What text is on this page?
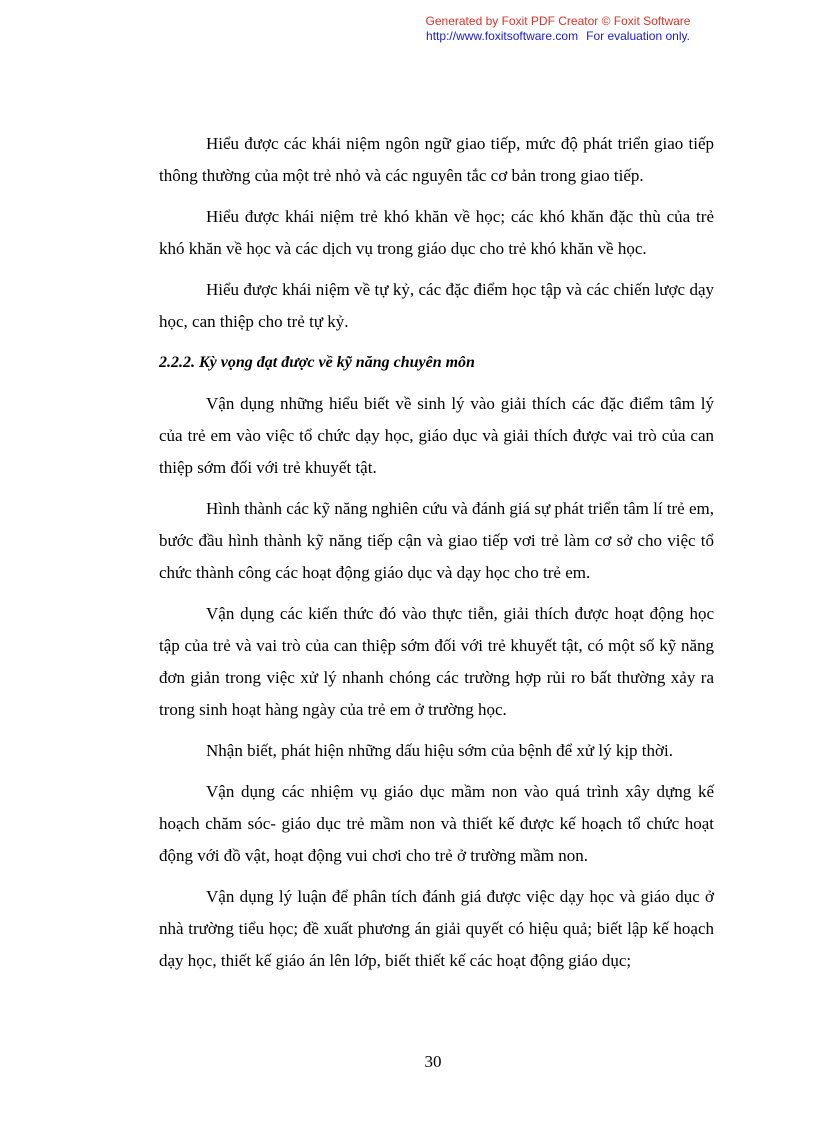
Generated by Foxit PDF Creator © Foxit Software
http://www.foxitsoftware.com For evaluation only.

Hiểu được các khái niệm ngôn ngữ giao tiếp, mức độ phát triển giao tiếp thông thường của một trẻ nhỏ và các nguyên tắc cơ bản trong giao tiếp.

Hiểu được khái niệm trẻ khó khăn về học; các khó khăn đặc thù của trẻ khó khăn về học và các dịch vụ trong giáo dục cho trẻ khó khăn về học.

Hiểu được khái niệm về tự kỷ, các đặc điểm học tập và các chiến lược dạy học, can thiệp cho trẻ tự kỷ.

2.2.2. Kỳ vọng đạt được về kỹ năng chuyên môn

Vận dụng những hiểu biết về sinh lý vào giải thích các đặc điểm tâm lý của trẻ em vào việc tổ chức dạy học, giáo dục và giải thích được vai trò của can thiệp sớm đối với trẻ khuyết tật.

Hình thành các kỹ năng nghiên cứu và đánh giá sự phát triển tâm lí trẻ em, bước đầu hình thành kỹ năng tiếp cận và giao tiếp vơi trẻ làm cơ sở cho việc tổ chức thành công các hoạt động giáo dục và dạy học cho trẻ em.

Vận dụng các kiến thức đó vào thực tiễn, giải thích được hoạt động học tập của trẻ và vai trò của can thiệp sớm đối với trẻ khuyết tật, có một số kỹ năng đơn giản trong việc xử lý nhanh chóng các trường hợp rủi ro bất thường xảy ra trong sinh hoạt hàng ngày của trẻ em ở trường học.

Nhận biết, phát hiện những dấu hiệu sớm của bệnh để xử lý kịp thời.

Vận dụng các nhiệm vụ giáo dục mầm non vào quá trình xây dựng kế hoạch chăm sóc- giáo dục trẻ mầm non và thiết kế được kế hoạch tổ chức hoạt động với đồ vật, hoạt động vui chơi cho trẻ ở trường mầm non.

Vận dụng lý luận để phân tích đánh giá được việc dạy học và giáo dục ở nhà trường tiểu học; đề xuất phương án giải quyết có hiệu quả; biết lập kế hoạch dạy học, thiết kế giáo án lên lớp, biết thiết kế các hoạt động giáo dục;

30
